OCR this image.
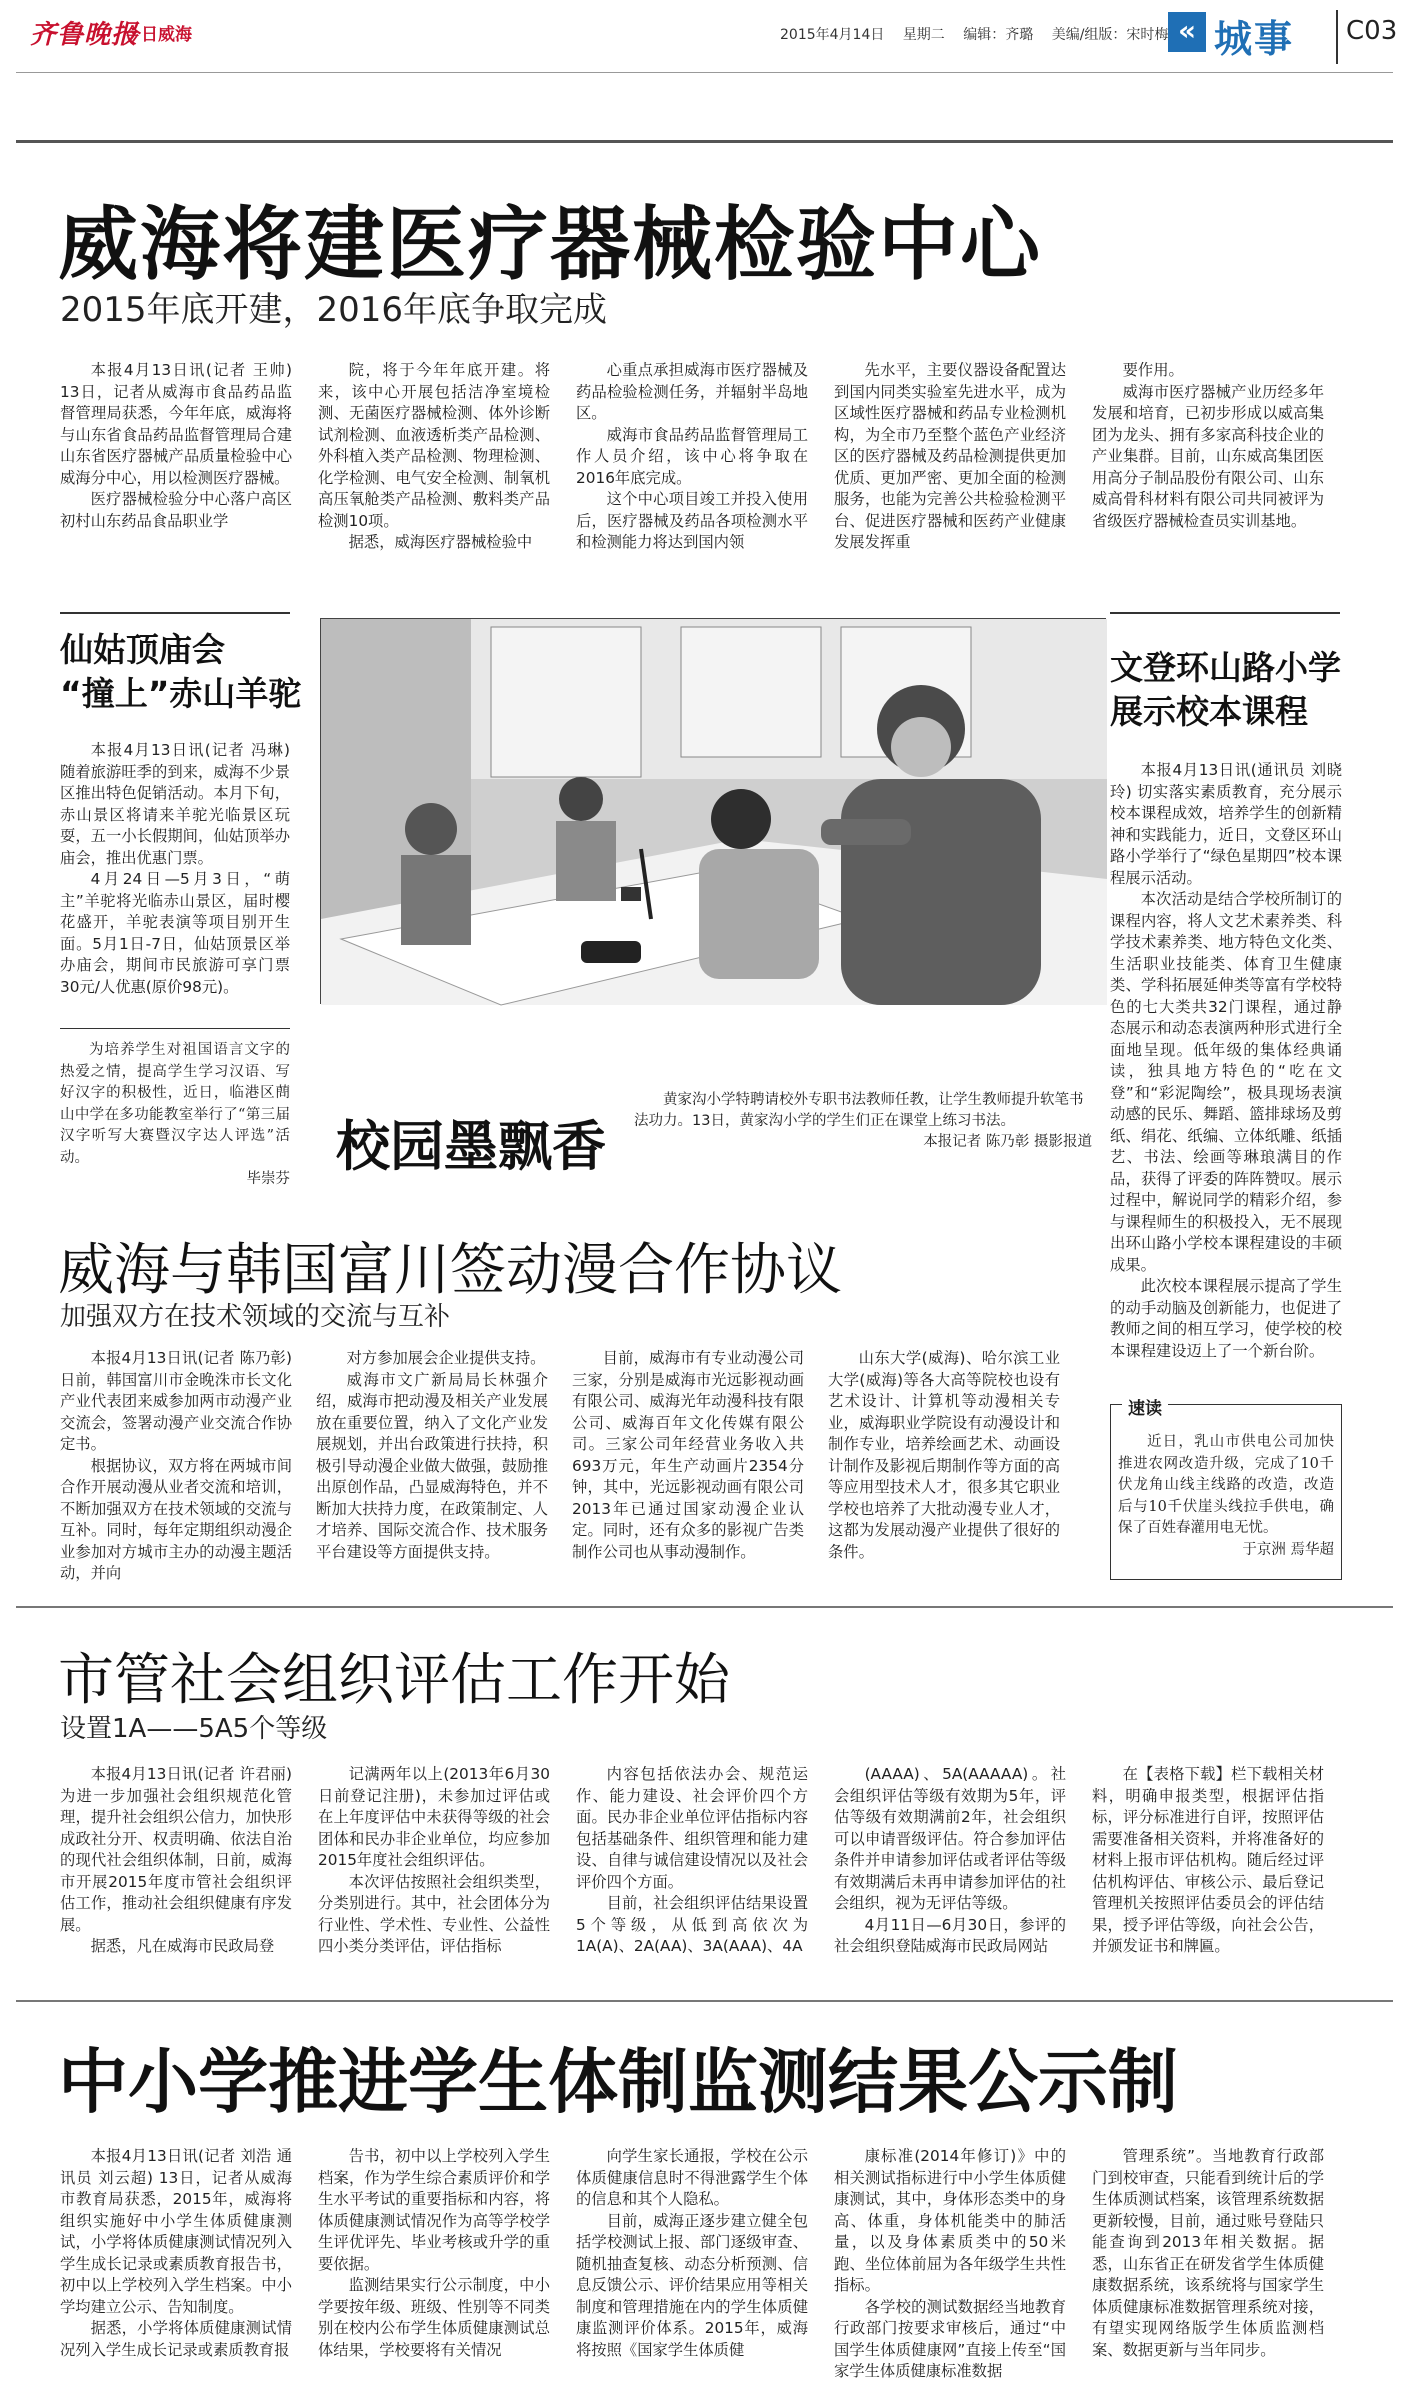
齐鲁晚报
今日威海	2015年4月14日 星期二 编辑：齐璐 美编/组版：宋时梅 « 城事 C03
威海将建医疗器械检验中心
2015年底开建，2016年底争取完成

本报4月13日讯(记者 王帅) 13日，记者从威海市食品药品监督管理局获悉，今年年底，威海将与山东省食品药品监督管理局合建山东省医疗器械产品质量检验中心威海分中心，用以检测医疗器械。

医疗器械检验分中心落户高区初村山东药品食品职业学

院，将于今年年底开建。将来，该中心开展包括洁净室境检测、无菌医疗器械检测、体外诊断试剂检测、血液透析类产品检测、外科植入类产品检测、物理检测、化学检测、电气安全检测、制氧机高压氧舱类产品检测、敷料类产品检测10项。

据悉，威海医疗器械检验中

心重点承担威海市医疗器械及药品检验检测任务，并辐射半岛地区。

威海市食品药品监督管理局工作人员介绍，该中心将争取在2016年底完成。

这个中心项目竣工并投入使用后，医疗器械及药品各项检测水平和检测能力将达到国内领

先水平，主要仪器设备配置达到国内同类实验室先进水平，成为区域性医疗器械和药品专业检测机构，为全市乃至整个蓝色产业经济区的医疗器械及药品检测提供更加优质、更加严密、更加全面的检测服务，也能为完善公共检验检测平台、促进医疗器械和医药产业健康发展发挥重

要作用。

威海市医疗器械产业历经多年发展和培育，已初步形成以威高集团为龙头、拥有多家高科技企业的产业集群。目前，山东威高集团医用高分子制品股份有限公司、山东威高骨科材料有限公司共同被评为省级医疗器械检查员实训基地。

仙姑顶庙会
“撞上”赤山羊驼

本报4月13日讯(记者 冯琳) 随着旅游旺季的到来，威海不少景区推出特色促销活动。本月下旬，赤山景区将请来羊驼光临景区玩耍，五一小长假期间，仙姑顶举办庙会，推出优惠门票。

4月24日—5月3日，“萌主”羊驼将光临赤山景区，届时樱花盛开，羊驼表演等项目别开生面。5月1日-7日，仙姑顶景区举办庙会，期间市民旅游可享门票30元/人优惠(原价98元)。

为培养学生对祖国语言文字的热爱之情，提高学生学习汉语、写好汉字的积极性，近日，临港区蔄山中学在多功能教室举行了“第三届汉字听写大赛暨汉字达人评选”活动。

毕崇芬
校园墨飘香
黄家沟小学特聘请校外专职书法教师任教，让学生教师提升软笔书法功力。13日，黄家沟小学的学生们正在课堂上练习书法。
本报记者 陈乃彰 摄影报道
文登环山路小学
展示校本课程

本报4月13日讯(通讯员 刘晓玲) 切实落实素质教育，充分展示校本课程成效，培养学生的创新精神和实践能力，近日，文登区环山路小学举行了“绿色星期四”校本课程展示活动。

本次活动是结合学校所制订的课程内容，将人文艺术素养类、科学技术素养类、地方特色文化类、生活职业技能类、体育卫生健康类、学科拓展延伸类等富有学校特色的七大类共32门课程，通过静态展示和动态表演两种形式进行全面地呈现。低年级的集体经典诵读，独具地方特色的“吃在文登”和“彩泥陶绘”，极具现场表演动感的民乐、舞蹈、篮排球场及剪纸、绢花、纸编、立体纸雕、纸插艺、书法、绘画等琳琅满目的作品，获得了评委的阵阵赞叹。展示过程中，解说同学的精彩介绍，参与课程师生的积极投入，无不展现出环山路小学校本课程建设的丰硕成果。

此次校本课程展示提高了学生的动手动脑及创新能力，也促进了教师之间的相互学习，使学校的校本课程建设迈上了一个新台阶。

速读

近日，乳山市供电公司加快推进农网改造升级，完成了10千伏龙角山线主线路的改造，改造后与10千伏崖头线拉手供电，确保了百姓春灌用电无忧。

于京洲 焉华超
威海与韩国富川签动漫合作协议
加强双方在技术领域的交流与互补

本报4月13日讯(记者 陈乃彰) 日前，韩国富川市金晚洙市长文化产业代表团来威参加两市动漫产业交流会，签署动漫产业交流合作协定书。

根据协议，双方将在两城市间合作开展动漫从业者交流和培训，不断加强双方在技术领域的交流与互补。同时，每年定期组织动漫企业参加对方城市主办的动漫主题活动，并向

对方参加展会企业提供支持。

威海市文广新局局长林强介绍，威海市把动漫及相关产业发展放在重要位置，纳入了文化产业发展规划，并出台政策进行扶持，积极引导动漫企业做大做强，鼓励推出原创作品，凸显威海特色，并不断加大扶持力度，在政策制定、人才培养、国际交流合作、技术服务平台建设等方面提供支持。

目前，威海市有专业动漫公司三家，分别是威海市光远影视动画有限公司、威海光年动漫科技有限公司、威海百年文化传媒有限公司。三家公司年经营业务收入共693万元，年生产动画片2354分钟，其中，光远影视动画有限公司2013年已通过国家动漫企业认定。同时，还有众多的影视广告类制作公司也从事动漫制作。

山东大学(威海)、哈尔滨工业大学(威海)等各大高等院校也设有艺术设计、计算机等动漫相关专业，威海职业学院设有动漫设计和制作专业，培养绘画艺术、动画设计制作及影视后期制作等方面的高等应用型技术人才，很多其它职业学校也培养了大批动漫专业人才，这都为发展动漫产业提供了很好的条件。

市管社会组织评估工作开始
设置1A——5A5个等级

本报4月13日讯(记者 许君丽) 为进一步加强社会组织规范化管理，提升社会组织公信力，加快形成政社分开、权责明确、依法自治的现代社会组织体制，日前，威海市开展2015年度市管社会组织评估工作，推动社会组织健康有序发展。

据悉，凡在威海市民政局登

记满两年以上(2013年6月30日前登记注册)，未参加过评估或在上年度评估中未获得等级的社会团体和民办非企业单位，均应参加2015年度社会组织评估。

本次评估按照社会组织类型，分类别进行。其中，社会团体分为行业性、学术性、专业性、公益性四小类分类评估，评估指标

内容包括依法办会、规范运作、能力建设、社会评价四个方面。民办非企业单位评估指标内容包括基础条件、组织管理和能力建设、自律与诚信建设情况以及社会评价四个方面。

目前，社会组织评估结果设置5个等级，从低到高依次为1A(A)、2A(AA)、3A(AAA)、4A

(AAAA)、5A(AAAAA)。社会组织评估等级有效期为5年，评估等级有效期满前2年，社会组织可以申请晋级评估。符合参加评估条件并申请参加评估或者评估等级有效期满后未再申请参加评估的社会组织，视为无评估等级。

4月11日—6月30日，参评的社会组织登陆威海市民政局网站

在【表格下载】栏下载相关材料，明确申报类型，根据评估指标，评分标准进行自评，按照评估需要准备相关资料，并将准备好的材料上报市评估机构。随后经过评估机构评估、审核公示、最后登记管理机关按照评估委员会的评估结果，授予评估等级，向社会公告，并颁发证书和牌匾。

中小学推进学生体制监测结果公示制

本报4月13日讯(记者 刘浩 通讯员 刘云超) 13日，记者从威海市教育局获悉，2015年，威海将组织实施好中小学生体质健康测试，小学将体质健康测试情况列入学生成长记录或素质教育报告书，初中以上学校列入学生档案。中小学均建立公示、告知制度。

据悉，小学将体质健康测试情况列入学生成长记录或素质教育报

告书，初中以上学校列入学生档案，作为学生综合素质评价和学生水平考试的重要指标和内容，将体质健康测试情况作为高等学校学生评优评先、毕业考核或升学的重要依据。

监测结果实行公示制度，中小学要按年级、班级、性别等不同类别在校内公布学生体质健康测试总体结果，学校要将有关情况

向学生家长通报，学校在公示体质健康信息时不得泄露学生个体的信息和其个人隐私。

目前，威海正逐步建立健全包括学校测试上报、部门逐级审查、随机抽查复核、动态分析预测、信息反馈公示、评价结果应用等相关制度和管理措施在内的学生体质健康监测评价体系。2015年，威海将按照《国家学生体质健

康标准(2014年修订)》中的相关测试指标进行中小学生体质健康测试，其中，身体形态类中的身高、体重，身体机能类中的肺活量，以及身体素质类中的50米跑、坐位体前屈为各年级学生共性指标。

各学校的测试数据经当地教育行政部门按要求审核后，通过“中国学生体质健康网”直接上传至“国家学生体质健康标准数据

管理系统”。当地教育行政部门到校审查，只能看到统计后的学生体质测试档案，该管理系统数据更新较慢，目前，通过账号登陆只能查询到2013年相关数据。据悉，山东省正在研发省学生体质健康数据系统，该系统将与国家学生体质健康标准数据管理系统对接，有望实现网络版学生体质监测档案、数据更新与当年同步。
